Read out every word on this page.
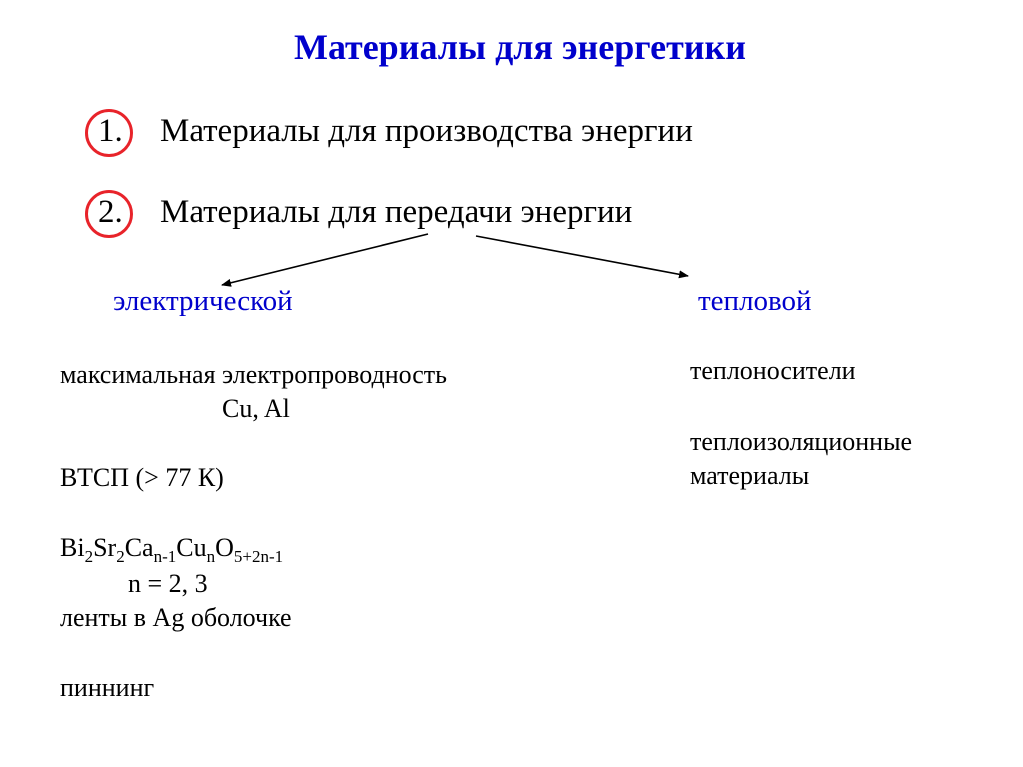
Материалы для энергетики
1. Материалы для производства энергии
2. Материалы для передачи энергии
электрической	тепловой
максимальная электропроводность
Cu, Al
ВТСП (> 77 К)
$Bi_2Sr_2Ca_{n-1}Cu_nO_{5+2n-1}$
n = 2, 3
ленты в Ag оболочке
пиннинг
теплоносители
теплоизоляционные
материалы
